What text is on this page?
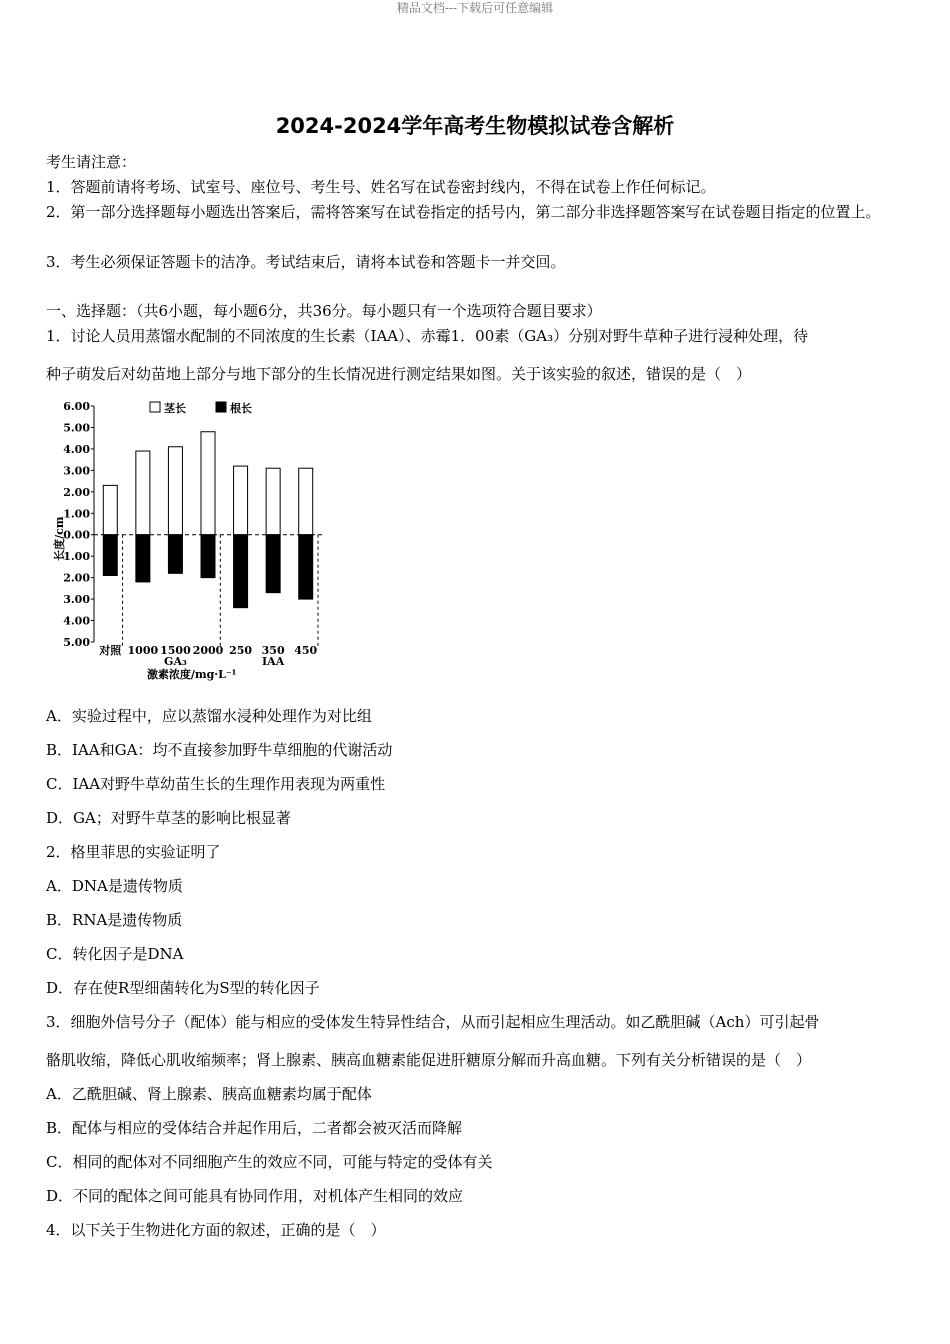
精品文档---下载后可任意编辑
2024-2024学年高考生物模拟试卷含解析
考生请注意：
1．答题前请将考场、试室号、座位号、考生号、姓名写在试卷密封线内，不得在试卷上作任何标记。
2．第一部分选择题每小题选出答案后，需将答案写在试卷指定的括号内，第二部分非选择题答案写在试卷题目指定的位置上。
3．考生必须保证答题卡的洁净。考试结束后，请将本试卷和答题卡一并交回。
一、选择题：（共6小题，每小题6分，共36分。每小题只有一个选项符合题目要求）
1．讨论人员用蒸馏水配制的不同浓度的生长素（IAA）、赤霉1．00素（GA₃）分别对野牛草种子进行浸种处理，待
种子萌发后对幼苗地上部分与地下部分的生长情况进行测定结果如图。关于该实验的叙述，错误的是（　）
6.00
5.00
4.00
3.00
2.00
1.00
0.00
1.00
2.00
3.00
4.00
5.00
对照 1000 1500 2000 250 350 450
GA₃	IAA
激素浓度/mg·L⁻¹
长度/cm
茎长	根长
A．实验过程中，应以蒸馏水浸种处理作为对比组
B．IAA和GA：均不直接参加野牛草细胞的代谢活动
C．IAA对野牛草幼苗生长的生理作用表现为两重性
D．GA；对野牛草茎的影响比根显著
2．格里菲思的实验证明了
A．DNA是遗传物质
B．RNA是遗传物质
C．转化因子是DNA
D．存在使R型细菌转化为S型的转化因子
3．细胞外信号分子（配体）能与相应的受体发生特异性结合，从而引起相应生理活动。如乙酰胆碱（Ach）可引起骨
骼肌收缩，降低心肌收缩频率；肾上腺素、胰高血糖素能促进肝糖原分解而升高血糖。下列有关分析错误的是（　）
A．乙酰胆碱、肾上腺素、胰高血糖素均属于配体
B．配体与相应的受体结合并起作用后，二者都会被灭活而降解
C．相同的配体对不同细胞产生的效应不同，可能与特定的受体有关
D．不同的配体之间可能具有协同作用，对机体产生相同的效应
4．以下关于生物进化方面的叙述，正确的是（　）
